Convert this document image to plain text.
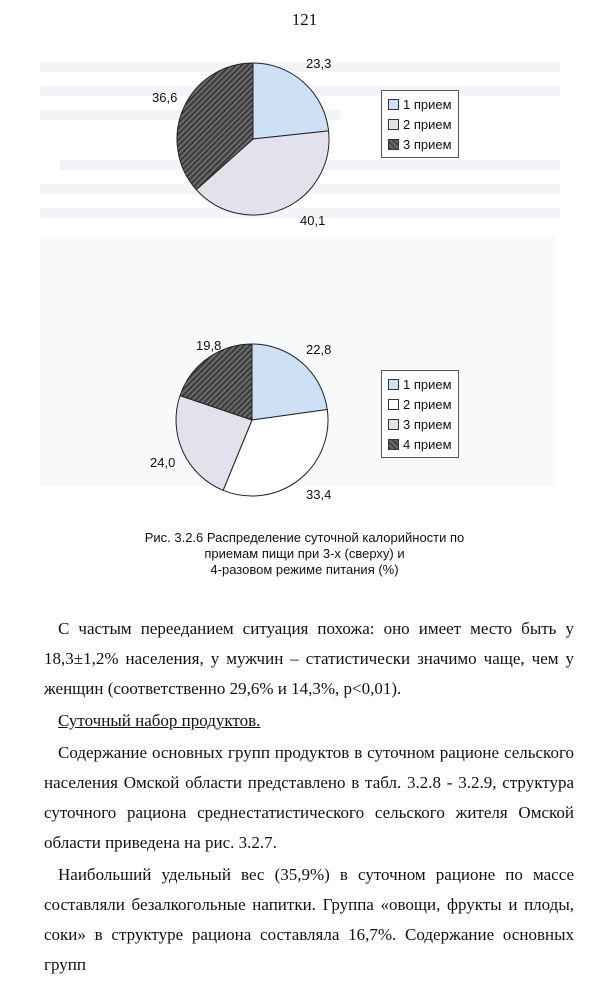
121
23,3
40,1
36,6	1 прием
2 прием
3 прием
22,8
33,4
24,0
19,8
1 прием
2 прием
3 прием
4 прием
Рис. 3.2.6 Распределение суточной калорийности по
приемам пищи при 3-х (сверху) и
4-разовом режиме питания (%)

С частым переeданием ситуация похожа: оно имеет место быть у 18,3±1,2% населения, у мужчин – статистически значимо чаще, чем у женщин (соответственно 29,6% и 14,3%, p<0,01).

Суточный набор продуктов.

Содержание основных групп продуктов в суточном рационе сельского населения Омской области представлено в табл. 3.2.8 - 3.2.9, структура суточного рациона среднестатистического сельского жителя Омской области приведена на рис. 3.2.7.

Наибольший удельный вес (35,9%) в суточном рационе по массе составляли безалкогольные напитки. Группа «овощи, фрукты и плоды, соки» в структуре рациона составляла 16,7%. Содержание основных групп
